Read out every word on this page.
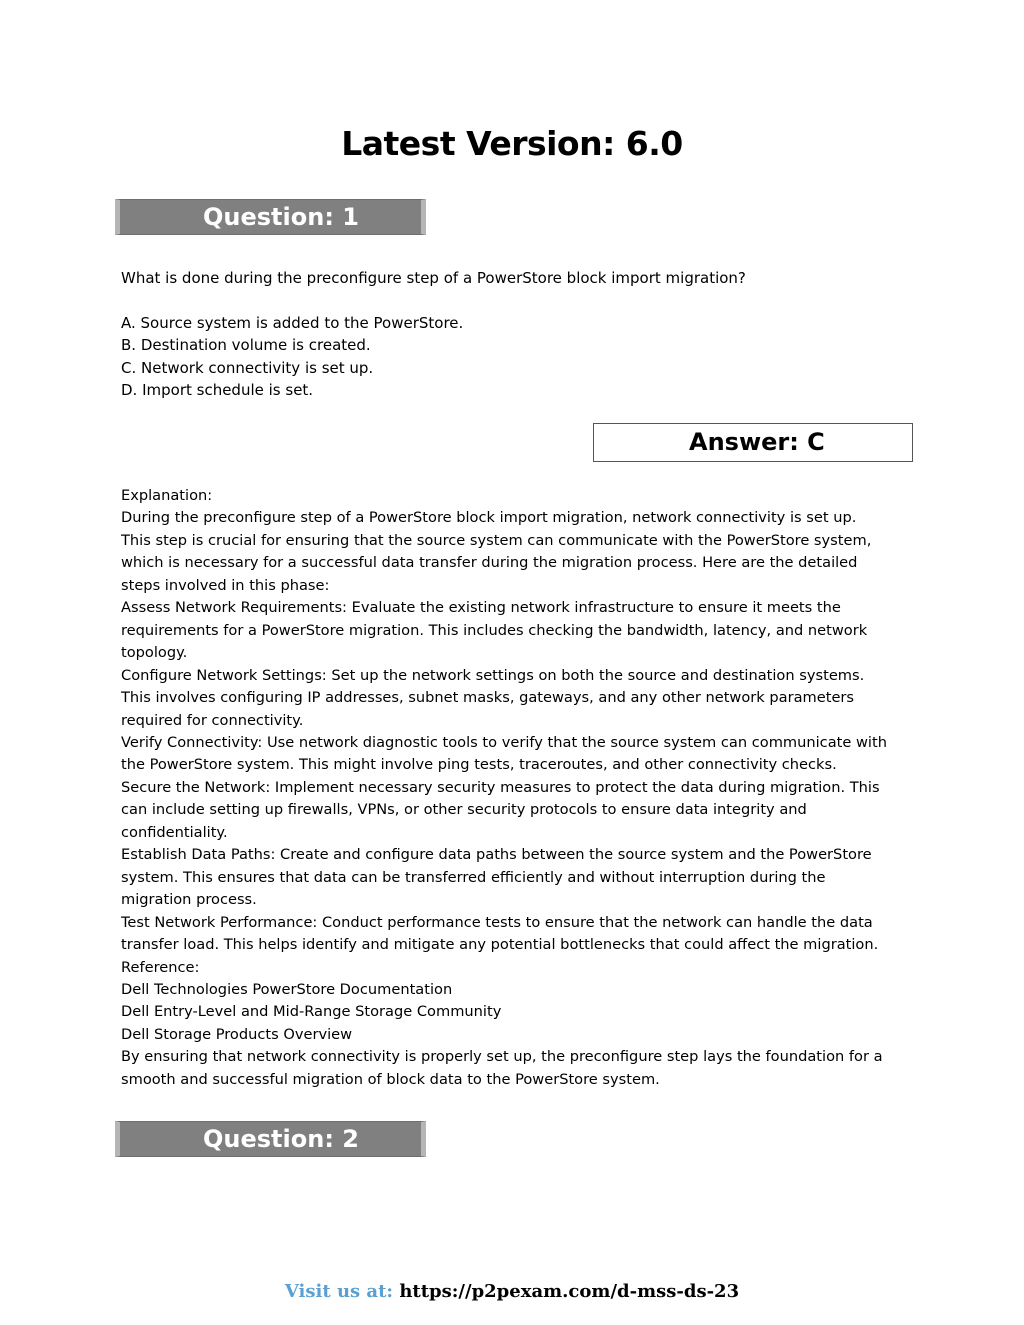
Latest Version: 6.0
Question: 1
What is done during the preconfigure step of a PowerStore block import migration?
A. Source system is added to the PowerStore.
B. Destination volume is created.
C. Network connectivity is set up.
D. Import schedule is set.
Answer: C
Explanation:
During the preconfigure step of a PowerStore block import migration, network connectivity is set up.
This step is crucial for ensuring that the source system can communicate with the PowerStore system,
which is necessary for a successful data transfer during the migration process. Here are the detailed
steps involved in this phase:
Assess Network Requirements: Evaluate the existing network infrastructure to ensure it meets the
requirements for a PowerStore migration. This includes checking the bandwidth, latency, and network
topology.
Configure Network Settings: Set up the network settings on both the source and destination systems.
This involves configuring IP addresses, subnet masks, gateways, and any other network parameters
required for connectivity.
Verify Connectivity: Use network diagnostic tools to verify that the source system can communicate with
the PowerStore system. This might involve ping tests, traceroutes, and other connectivity checks.
Secure the Network: Implement necessary security measures to protect the data during migration. This
can include setting up firewalls, VPNs, or other security protocols to ensure data integrity and
confidentiality.
Establish Data Paths: Create and configure data paths between the source system and the PowerStore
system. This ensures that data can be transferred efficiently and without interruption during the
migration process.
Test Network Performance: Conduct performance tests to ensure that the network can handle the data
transfer load. This helps identify and mitigate any potential bottlenecks that could affect the migration.
Reference:
Dell Technologies PowerStore Documentation
Dell Entry-Level and Mid-Range Storage Community
Dell Storage Products Overview
By ensuring that network connectivity is properly set up, the preconfigure step lays the foundation for a
smooth and successful migration of block data to the PowerStore system.
Question: 2
Visit us at: https://p2pexam.com/d-mss-ds-23
